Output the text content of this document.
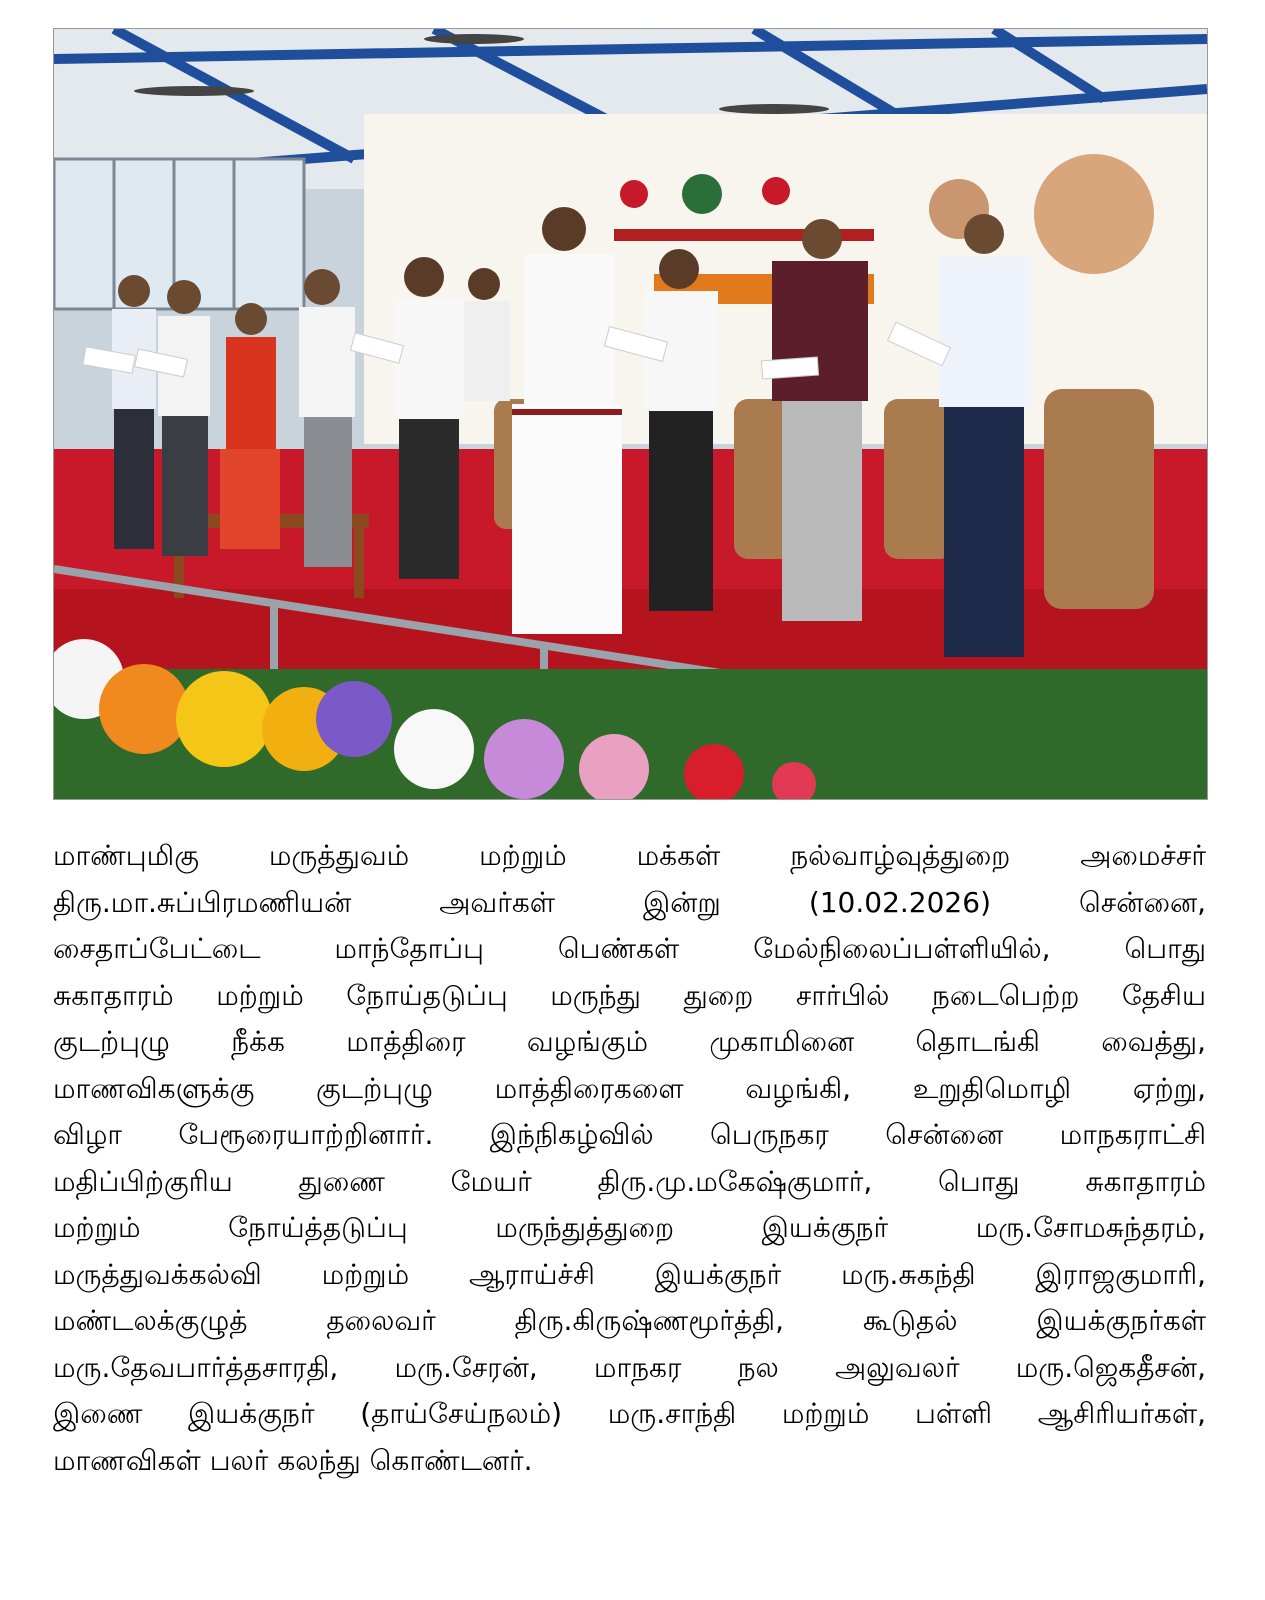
மாண்புமிகு மருத்துவம் மற்றும் மக்கள் நல்வாழ்வுத்துறை அமைச்சர்
திரு.மா.சுப்பிரமணியன் அவர்கள் இன்று (10.02.2026) சென்னை,
சைதாப்பேட்டை மாந்தோப்பு பெண்கள் மேல்நிலைப்பள்ளியில், பொது
சுகாதாரம் மற்றும் நோய்தடுப்பு மருந்து துறை சார்பில் நடைபெற்ற தேசிய
குடற்புழு நீக்க மாத்திரை வழங்கும் முகாமினை தொடங்கி வைத்து,
மாணவிகளுக்கு குடற்புழு மாத்திரைகளை வழங்கி, உறுதிமொழி ஏற்று,
விழா பேரூரையாற்றினார். இந்நிகழ்வில் பெருநகர சென்னை மாநகராட்சி
மதிப்பிற்குரிய துணை மேயர் திரு.மு.மகேஷ்குமார், பொது சுகாதாரம்
மற்றும் நோய்த்தடுப்பு மருந்துத்துறை இயக்குநர் மரு.சோமசுந்தரம்,
மருத்துவக்கல்வி மற்றும் ஆராய்ச்சி இயக்குநர் மரு.சுகந்தி இராஜகுமாரி,
மண்டலக்குழுத் தலைவர் திரு.கிருஷ்ணமூர்த்தி, கூடுதல் இயக்குநர்கள்
மரு.தேவபார்த்தசாரதி, மரு.சேரன், மாநகர நல அலுவலர் மரு.ஜெகதீசன்,
இணை இயக்குநர் (தாய்சேய்நலம்) மரு.சாந்தி மற்றும் பள்ளி ஆசிரியர்கள்,
மாணவிகள் பலர் கலந்து கொண்டனர்.
